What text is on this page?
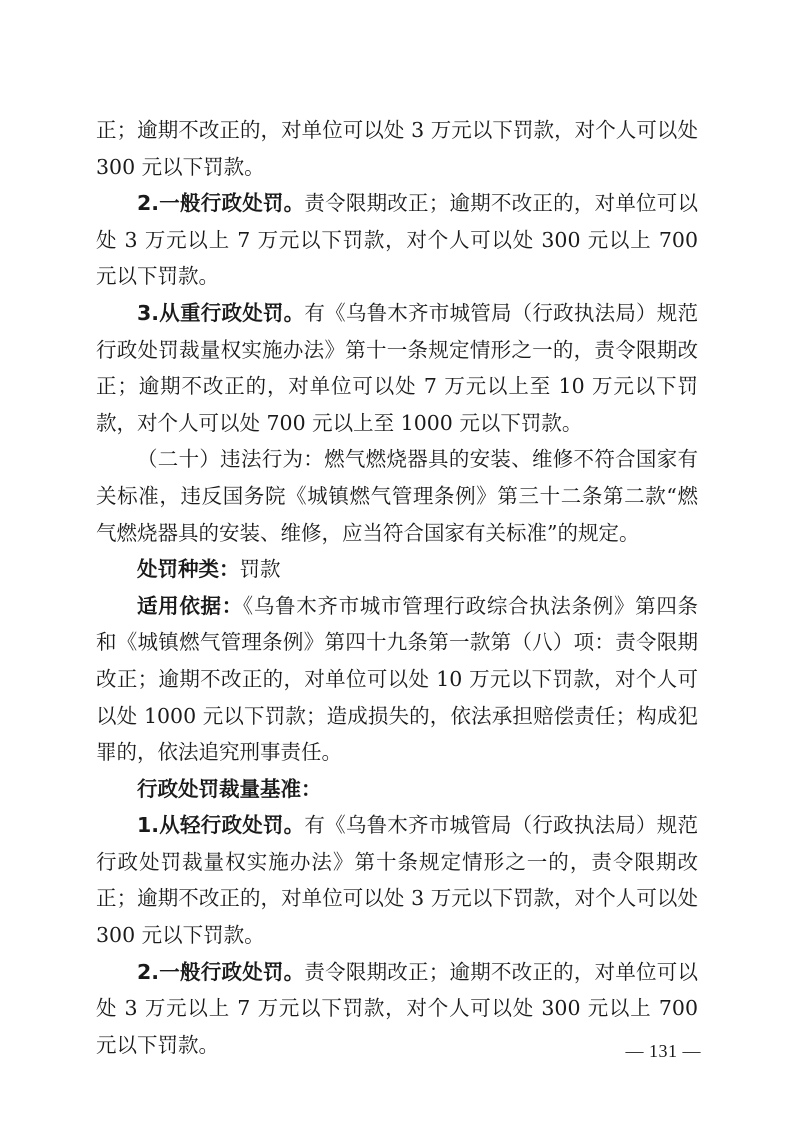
正；逾期不改正的，对单位可以处 3 万元以下罚款，对个人可以处 300 元以下罚款。

2.一般行政处罚。责令限期改正；逾期不改正的，对单位可以处 3 万元以上 7 万元以下罚款，对个人可以处 300 元以上 700 元以下罚款。

3.从重行政处罚。有《乌鲁木齐市城管局（行政执法局）规范行政处罚裁量权实施办法》第十一条规定情形之一的，责令限期改正；逾期不改正的，对单位可以处 7 万元以上至 10 万元以下罚款，对个人可以处 700 元以上至 1000 元以下罚款。

（二十）违法行为：燃气燃烧器具的安装、维修不符合国家有关标准，违反国务院《城镇燃气管理条例》第三十二条第二款“燃气燃烧器具的安装、维修，应当符合国家有关标准”的规定。

处罚种类：罚款

适用依据：《乌鲁木齐市城市管理行政综合执法条例》第四条和《城镇燃气管理条例》第四十九条第一款第（八）项：责令限期改正；逾期不改正的，对单位可以处 10 万元以下罚款，对个人可以处 1000 元以下罚款；造成损失的，依法承担赔偿责任；构成犯罪的，依法追究刑事责任。

行政处罚裁量基准：

1.从轻行政处罚。有《乌鲁木齐市城管局（行政执法局）规范行政处罚裁量权实施办法》第十条规定情形之一的，责令限期改正；逾期不改正的，对单位可以处 3 万元以下罚款，对个人可以处 300 元以下罚款。

2.一般行政处罚。责令限期改正；逾期不改正的，对单位可以处 3 万元以上 7 万元以下罚款，对个人可以处 300 元以上 700 元以下罚款。	— 131 —
